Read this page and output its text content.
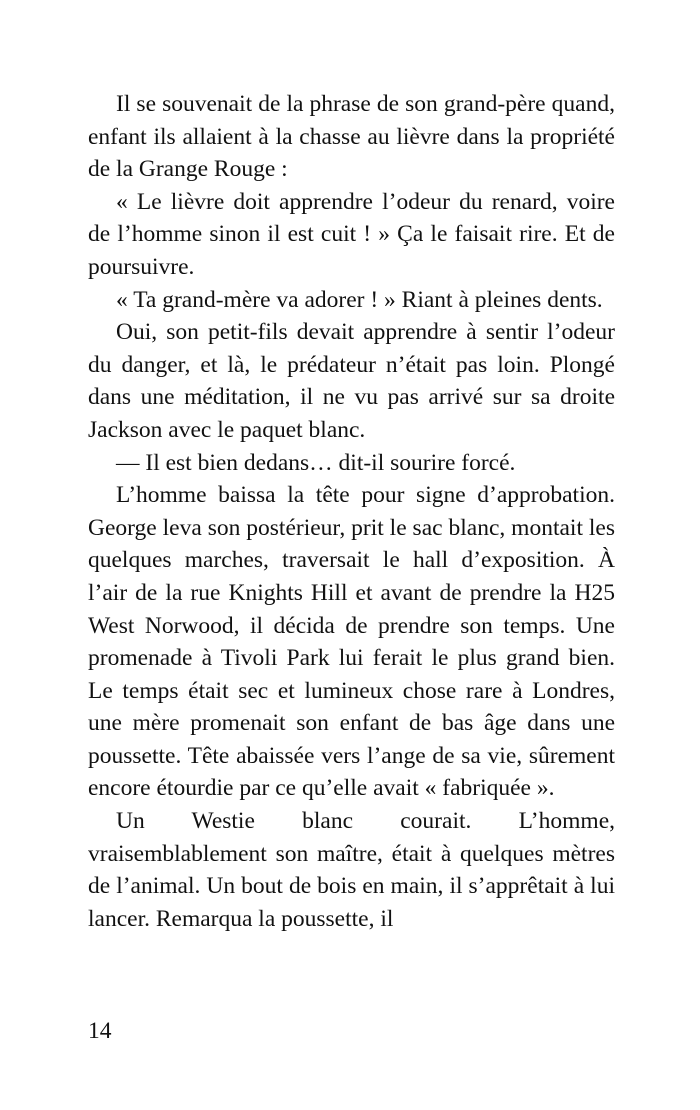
Il se souvenait de la phrase de son grand-père quand, enfant ils allaient à la chasse au lièvre dans la propriété de la Grange Rouge :

« Le lièvre doit apprendre l’odeur du renard, voire de l’homme sinon il est cuit ! » Ça le faisait rire. Et de poursuivre.

« Ta grand-mère va adorer ! » Riant à pleines dents.

Oui, son petit-fils devait apprendre à sentir l’odeur du danger, et là, le prédateur n’était pas loin. Plongé dans une méditation, il ne vu pas arrivé sur sa droite Jackson avec le paquet blanc.

— Il est bien dedans… dit-il sourire forcé.

L’homme baissa la tête pour signe d’approbation. George leva son postérieur, prit le sac blanc, montait les quelques marches, traversait le hall d’exposition. À l’air de la rue Knights Hill et avant de prendre la H25 West Norwood, il décida de prendre son temps. Une promenade à Tivoli Park lui ferait le plus grand bien. Le temps était sec et lumineux chose rare à Londres, une mère promenait son enfant de bas âge dans une poussette. Tête abaissée vers l’ange de sa vie, sûrement encore étourdie par ce qu’elle avait « fabriquée ».

Un Westie blanc courait. L’homme, vraisemblablement son maître, était à quelques mètres de l’animal. Un bout de bois en main, il s’apprêtait à lui lancer. Remarqua la poussette, il

14
